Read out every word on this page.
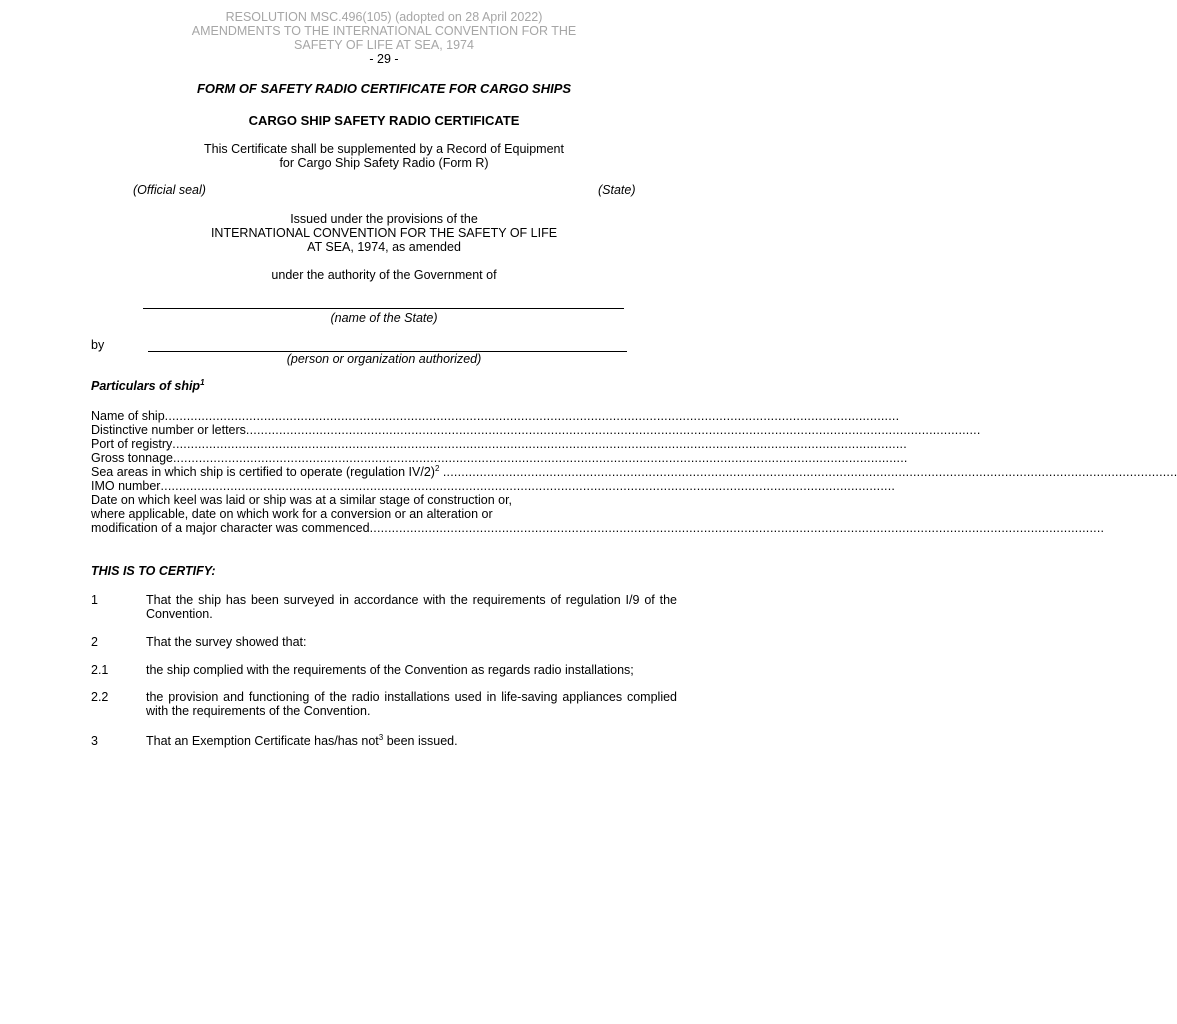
RESOLUTION MSC.496(105) (adopted on 28 April 2022)
AMENDMENTS TO THE INTERNATIONAL CONVENTION FOR THE
SAFETY OF LIFE AT SEA, 1974
- 29 -
FORM OF SAFETY RADIO CERTIFICATE FOR CARGO SHIPS
CARGO SHIP SAFETY RADIO CERTIFICATE
This Certificate shall be supplemented by a Record of Equipment
for Cargo Ship Safety Radio (Form R)
(Official seal)	(State)
Issued under the provisions of the
INTERNATIONAL CONVENTION FOR THE SAFETY OF LIFE
AT SEA, 1974, as amended
under the authority of the Government of
(name of the State)
by
(person or organization authorized)
Particulars of ship$^1$
Name of ship ........................................................................................................................................................................................................
Distinctive number or letters ........................................................................................................................................................................................................
Port of registry ........................................................................................................................................................................................................
Gross tonnage ........................................................................................................................................................................................................
Sea areas in which ship is certified to operate (regulation IV/2)$^2$ ........................................................................................................................................................................................................
IMO number ........................................................................................................................................................................................................
Date on which keel was laid or ship was at a similar stage of construction or,
where applicable, date on which work for a conversion or an alteration or
modification of a major character was commenced ........................................................................................................................................................................................................
THIS IS TO CERTIFY:
1	That the ship has been surveyed in accordance with the requirements of regulation I/9 of the Convention.
2	That the survey showed that:
2.1	the ship complied with the requirements of the Convention as regards radio installations;
2.2	the provision and functioning of the radio installations used in life-saving appliances complied with the requirements of the Convention.
3	That an Exemption Certificate has/has not$^3$ been issued.
